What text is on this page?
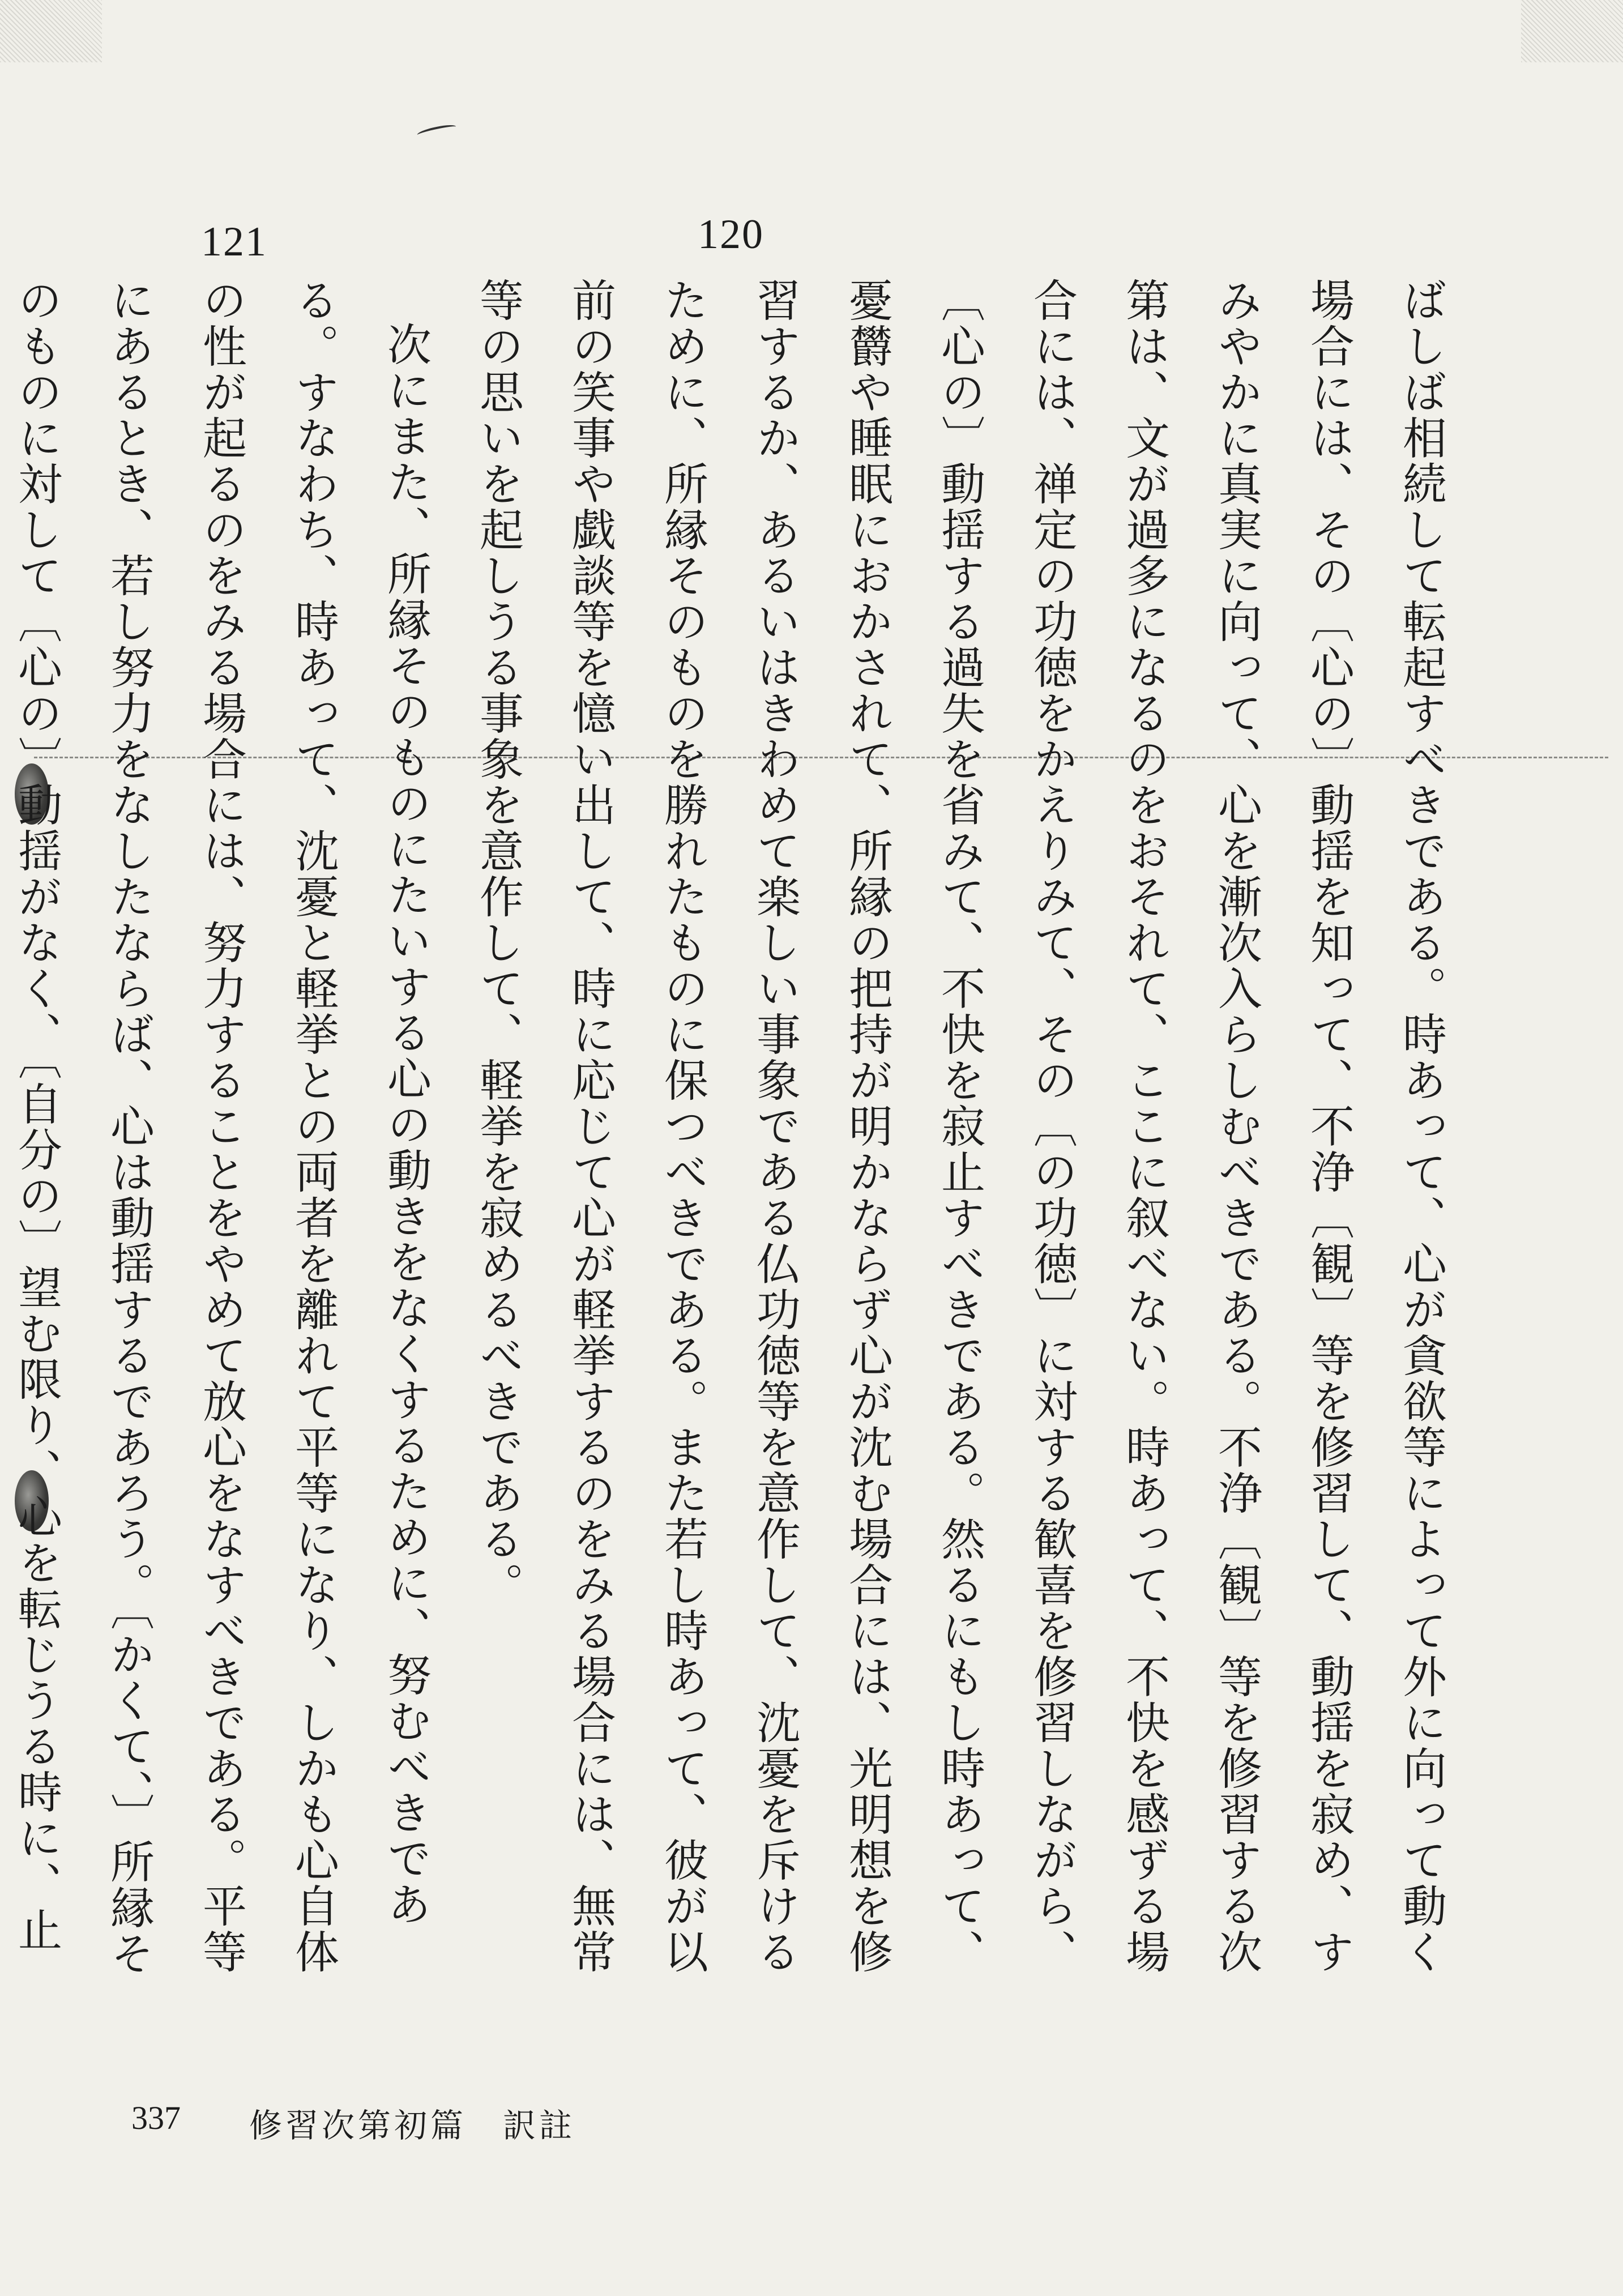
120
121

ばしば相続して転起すべきである。時あって、心が貪欲等によって外に向って動く場合には、その〔心の〕動揺を知って、不浄〔観〕等を修習して、動揺を寂め、すみやかに真実に向って、心を漸次入らしむべきである。不浄〔観〕等を修習する次第は、文が過多になるのをおそれて、ここに叙べない。時あって、不快を感ずる場合には、禅定の功徳をかえりみて、その〔の功徳〕に対する歓喜を修習しながら、〔心の〕動揺する過失を省みて、不快を寂止すべきである。然るにもし時あって、憂欝や睡眠におかされて、所縁の把持が明かならず心が沈む場合には、光明想を修習するか、あるいはきわめて楽しい事象である仏功徳等を意作して、沈憂を斥けるために、所縁そのものを勝れたものに保つべきである。また若し時あって、彼が以前の笑事や戯談等を憶い出して、時に応じて心が軽挙するのをみる場合には、無常等の思いを起しうる事象を意作して、軽挙を寂めるべきである。

次にまた、所縁そのものにたいする心の動きをなくするために、努むべきである。すなわち、時あって、沈憂と軽挙との両者を離れて平等になり、しかも心自体の性が起るのをみる場合には、努力することをやめて放心をなすべきである。平等にあるとき、若し努力をなしたならば、心は動揺するであろう。〔かくて、〕所縁そのものに対して〔心の〕動揺がなく、〔自分の〕望む限り、心を転じうる時に、止

337 修習次第初篇　訳註
